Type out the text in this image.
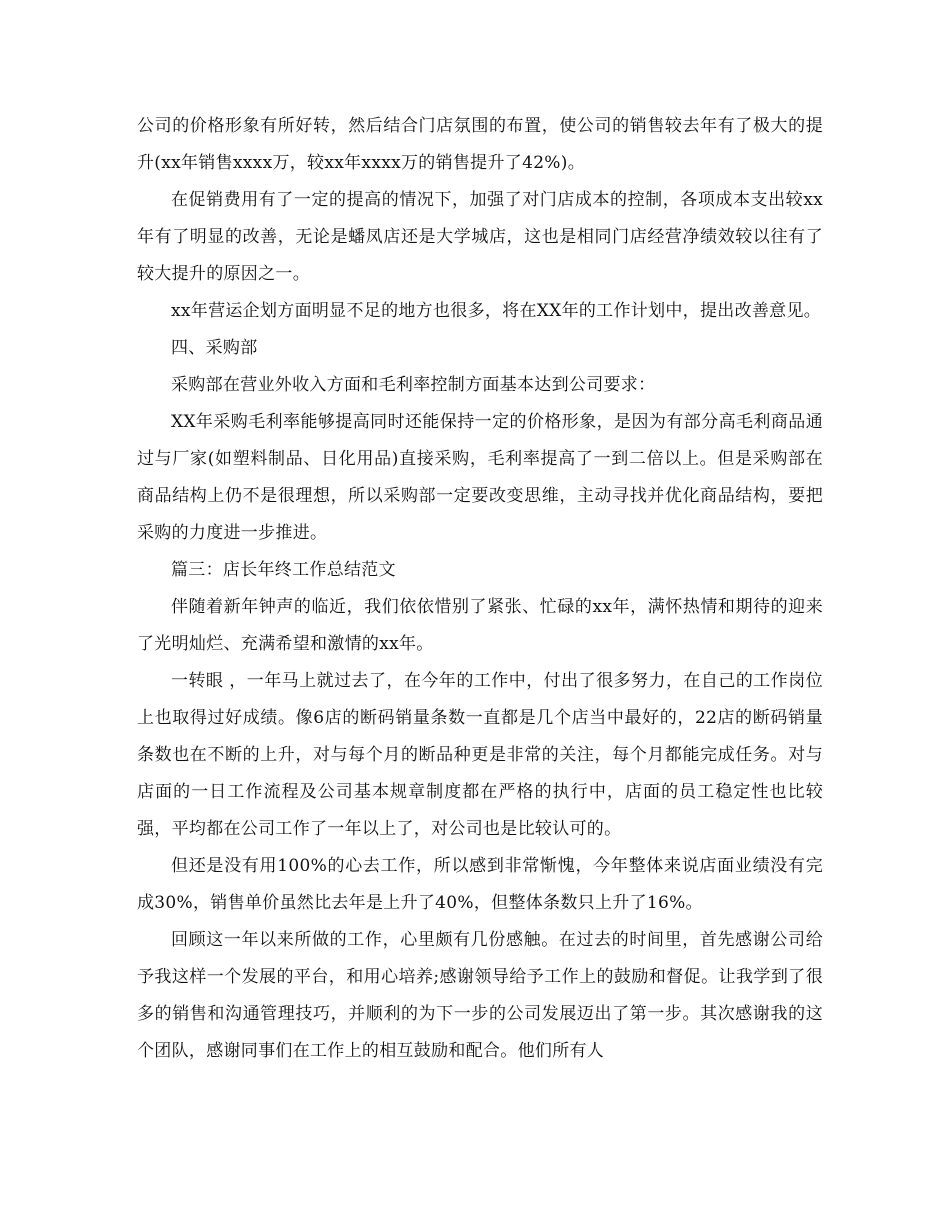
公司的价格形象有所好转，然后结合门店氛围的布置，使公司的销售较去年有了极大的提升(xx年销售xxxx万，较xx年xxxx万的销售提升了42%)。

在促销费用有了一定的提高的情况下，加强了对门店成本的控制，各项成本支出较xx年有了明显的改善，无论是蟠凤店还是大学城店，这也是相同门店经营净绩效较以往有了较大提升的原因之一。

xx年营运企划方面明显不足的地方也很多，将在XX年的工作计划中，提出改善意见。

四、采购部

采购部在营业外收入方面和毛利率控制方面基本达到公司要求：

XX年采购毛利率能够提高同时还能保持一定的价格形象，是因为有部分高毛利商品通过与厂家(如塑料制品、日化用品)直接采购，毛利率提高了一到二倍以上。但是采购部在商品结构上仍不是很理想，所以采购部一定要改变思维，主动寻找并优化商品结构，要把采购的力度进一步推进。

篇三：店长年终工作总结范文

伴随着新年钟声的临近，我们依依惜别了紧张、忙碌的xx年，满怀热情和期待的迎来了光明灿烂、充满希望和激情的xx年。

一转眼 ，一年马上就过去了，在今年的工作中，付出了很多努力，在自己的工作岗位上也取得过好成绩。像6店的断码销量条数一直都是几个店当中最好的，22店的断码销量条数也在不断的上升，对与每个月的断品种更是非常的关注，每个月都能完成任务。对与店面的一日工作流程及公司基本规章制度都在严格的执行中，店面的员工稳定性也比较强，平均都在公司工作了一年以上了，对公司也是比较认可的。

但还是没有用100%的心去工作，所以感到非常惭愧，今年整体来说店面业绩没有完成30%，销售单价虽然比去年是上升了40%，但整体条数只上升了16%。

回顾这一年以来所做的工作，心里颇有几份感触。在过去的时间里，首先感谢公司给予我这样一个发展的平台，和用心培养;感谢领导给予工作上的鼓励和督促。让我学到了很多的销售和沟通管理技巧，并顺利的为下一步的公司发展迈出了第一步。其次感谢我的这个团队，感谢同事们在工作上的相互鼓励和配合。他们所有人
